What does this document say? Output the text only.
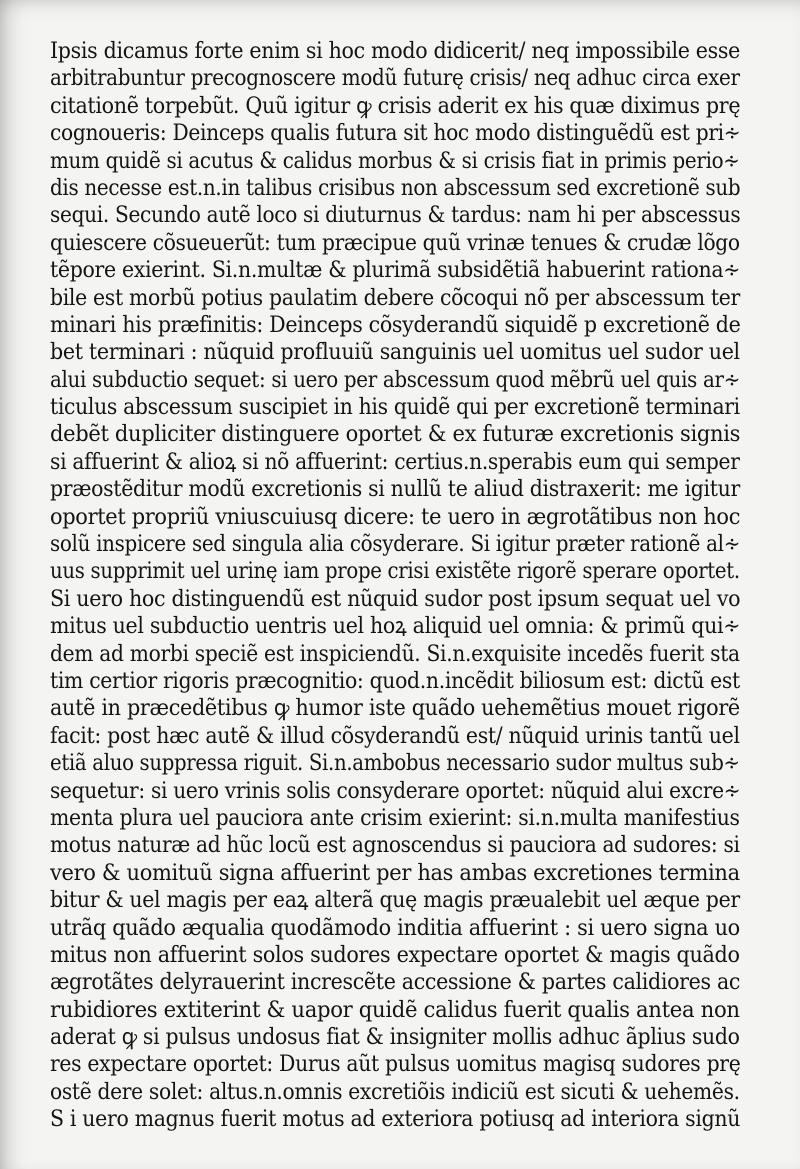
Ipsis dicamus forte enim si hoc modo didicerit/ neq impossibile esse
arbitrabuntur precognoscere modũ futurę crisis/ neq adhuc circa exer
citationẽ torpebũt. Quũ igitur ꝙ crisis aderit ex his quæ diximus prę
cognoueris: Deinceps qualis futura sit hoc modo distinguẽdũ est pri∻
mum quidẽ si acutus & calidus morbus & si crisis fiat in primis perio∻
dis necesse est.n.in talibus crisibus non abscessum sed excretionẽ sub
sequi. Secundo autẽ loco si diuturnus & tardus: nam hi per abscessus
quiescere cõsueuerũt: tum præcipue quũ vrinæ tenues & crudæ lõgo
tẽpore exierint. Si.n.multæ & plurimã subsidẽtiã habuerint rationa∻
bile est morbũ potius paulatim debere cõcoqui nõ per abscessum ter
minari his præfinitis: Deinceps cõsyderandũ siquidẽ p excretionẽ de
bet terminari : nũquid profluuiũ sanguinis uel uomitus uel sudor uel
alui subductio sequet: si uero per abscessum quod mẽbrũ uel quis ar∻
ticulus abscessum suscipiet in his quidẽ qui per excretionẽ terminari
debẽt dupliciter distinguere oportet & ex futuræ excretionis signis
si affuerint & alioꝝ si nõ affuerint: certius.n.sperabis eum qui semper
præostẽditur modũ excretionis si nullũ te aliud distraxerit: me igitur
oportet propriũ vniuscuiusq dicere: te uero in ægrotãtibus non hoc
solũ inspicere sed singula alia cõsyderare. Si igitur præter rationẽ al∻
uus supprimit uel urinę iam prope crisi existẽte rigorẽ sperare oportet.
Si uero hoc distinguendũ est nũquid sudor post ipsum sequat uel vo
mitus uel subductio uentris uel hoꝝ aliquid uel omnia: & primũ qui∻
dem ad morbi speciẽ est inspiciendũ. Si.n.exquisite incedẽs fuerit sta
tim certior rigoris præcognitio: quod.n.incẽdit biliosum est: dictũ est
autẽ in præcedẽtibus ꝙ humor iste quãdo uehemẽtius mouet rigorẽ
facit: post hæc autẽ & illud cõsyderandũ est/ nũquid urinis tantũ uel
etiã aluo suppressa riguit. Si.n.ambobus necessario sudor multus sub∻
sequetur: si uero vrinis solis consyderare oportet: nũquid alui excre∻
menta plura uel pauciora ante crisim exierint: si.n.multa manifestius
motus naturæ ad hũc locũ est agnoscendus si pauciora ad sudores: si
vero & uomituũ signa affuerint per has ambas excretiones termina
bitur & uel magis per eaꝝ alterã quę magis præualebit uel æque per
utrãq quãdo æqualia quodãmodo inditia affuerint : si uero signa uo
mitus non affuerint solos sudores expectare oportet & magis quãdo
ægrotãtes delyrauerint increscẽte accessione & partes calidiores ac
rubidiores extiterint & uapor quidẽ calidus fuerit qualis antea non
aderat ꝙ si pulsus undosus fiat & insigniter mollis adhuc ãplius sudo
res expectare oportet: Durus aũt pulsus uomitus magisq sudores prę
ostẽ dere solet: altus.n.omnis excretiõis indiciũ est sicuti & uehemẽs.
S i uero magnus fuerit motus ad exteriora potiusq ad interiora signũ
